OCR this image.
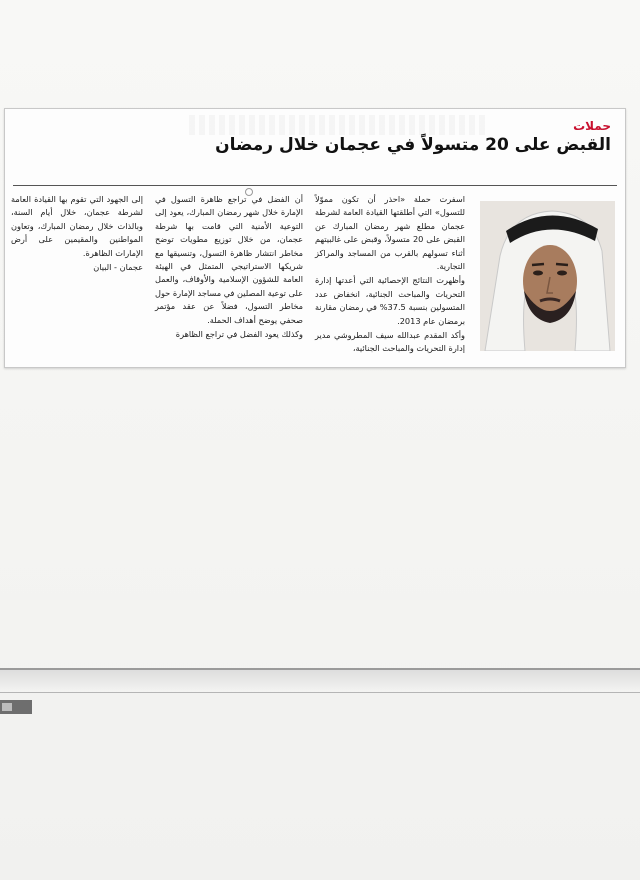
حملات
القبض على 20 متسولاً في عجمان خلال رمضان

اسفرت حملة «احذر أن تكون مموّلاً للتسول» التي أطلقتها القيادة العامة لشرطة عجمان مطلع شهر رمضان المبارك عن القبض على 20 متسولاً، وقبض على غالبيتهم أثناء تسولهم بالقرب من المساجد والمراكز التجارية.

وأظهرت النتائج الإحصائية التي أعدتها إدارة التحريات والمباحث الجنائية، انخفاض عدد المتسولين بنسبة 37.5% في رمضان مقارنة برمضان عام 2013.

وأكد المقدم عبدالله سيف المطروشي مدير إدارة التحريات والمباحث الجنائية،

أن الفضل في تراجع ظاهرة التسول في الإمارة خلال شهر رمضان المبارك، يعود إلى التوعية الأمنية التي قامت بها شرطة عجمان، من خلال توزيع مطويات توضح مخاطر انتشار ظاهرة التسول، وتنسيقها مع شريكها الاستراتيجي المتمثل في الهيئة العامة للشؤون الإسلامية والأوقاف، والعمل على توعية المصلين في مساجد الإمارة حول مخاطر التسول، فضلاً عن عقد مؤتمر صحفي يوضح أهداف الحملة.

وكذلك يعود الفضل في تراجع الظاهرة

إلى الجهود التي تقوم بها القيادة العامة لشرطة عجمان، خلال أيام السنة، وبالذات خلال رمضان المبارك، وتعاون المواطنين والمقيمين على أرض الإمارات الظاهرة.

عجمان - البيان
